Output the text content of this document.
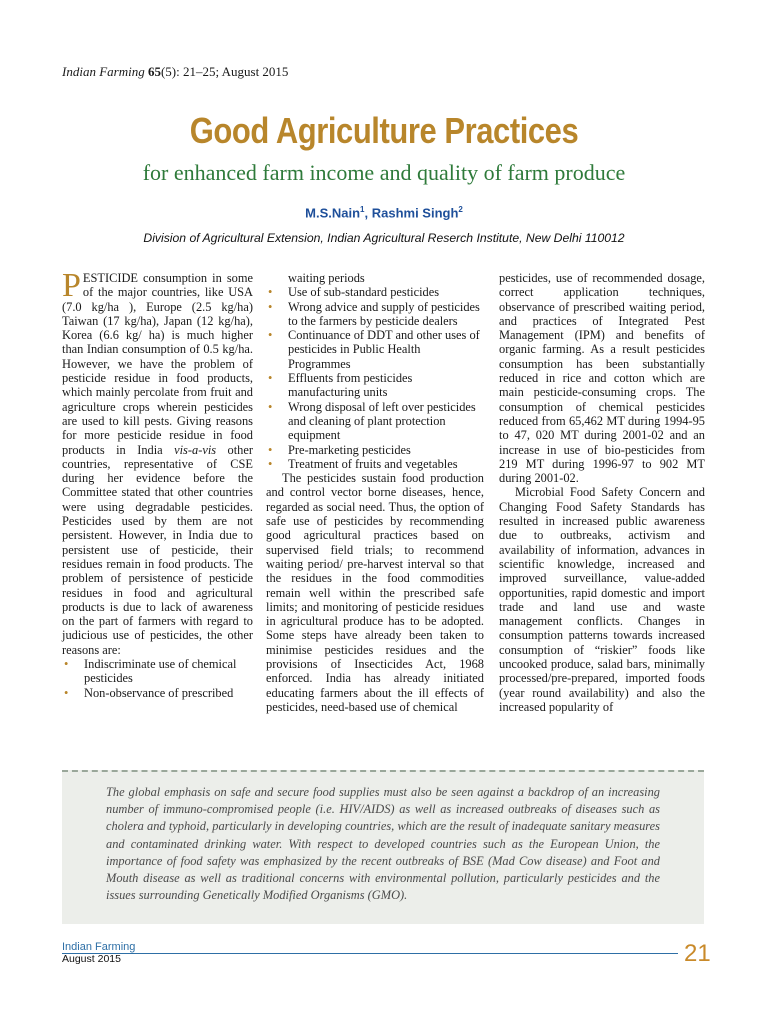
Indian Farming 65(5): 21–25; August 2015
Good Agriculture Practices
for enhanced farm income and quality of farm produce
M.S.Nain$^1$, Rashmi Singh$^2$
Division of Agricultural Extension, Indian Agricultural Reserch Institute, New Delhi 110012

PESTICIDE consumption in some of the major countries, like USA (7.0 kg/ha ), Europe (2.5 kg/ha) Taiwan (17 kg/ha), Japan (12 kg/ha), Korea (6.6 kg/ ha) is much higher than Indian consumption of 0.5 kg/ha. However, we have the problem of pesticide residue in food products, which mainly percolate from fruit and agriculture crops wherein pesticides are used to kill pests. Giving reasons for more pesticide residue in food products in India vis-a-vis other countries, representative of CSE during her evidence before the Committee stated that other countries were using degradable pesticides. Pesticides used by them are not persistent. However, in India due to persistent use of pesticide, their residues remain in food products. The problem of persistence of pesticide residues in food and agricultural products is due to lack of awareness on the part of farmers with regard to judicious use of pesticides, the other reasons are:

• Indiscriminate use of chemical pesticides
• Non-observance of prescribed
waiting periods
• Use of sub-standard pesticides
• Wrong advice and supply of pesticides to the farmers by pesticide dealers
• Continuance of DDT and other uses of pesticides in Public Health Programmes
• Effluents from pesticides manufacturing units
• Wrong disposal of left over pesticides and cleaning of plant protection equipment
• Pre-marketing pesticides
• Treatment of fruits and vegetables

The pesticides sustain food production and control vector borne diseases, hence, regarded as social need. Thus, the option of safe use of pesticides by recommending good agricultural practices based on supervised field trials; to recommend waiting period/ pre-harvest interval so that the residues in the food commodities remain well within the prescribed safe limits; and monitoring of pesticide residues in agricultural produce has to be adopted. Some steps have already been taken to minimise pesticides residues and the provisions of Insecticides Act, 1968 enforced. India has already initiated educating farmers about the ill effects of pesticides, need-based use of chemical

pesticides, use of recommended dosage, correct application techniques, observance of prescribed waiting period, and practices of Integrated Pest Management (IPM) and benefits of organic farming. As a result pesticides consumption has been substantially reduced in rice and cotton which are main pesticide-consuming crops. The consumption of chemical pesticides reduced from 65,462 MT during 1994-95 to 47, 020 MT during 2001-02 and an increase in use of bio-pesticides from 219 MT during 1996-97 to 902 MT during 2001-02.

Microbial Food Safety Concern and Changing Food Safety Standards has resulted in increased public awareness due to outbreaks, activism and availability of information, advances in scientific knowledge, increased and improved surveillance, value-added opportunities, rapid domestic and import trade and land use and waste management conflicts. Changes in consumption patterns towards increased consumption of “riskier” foods like uncooked produce, salad bars, minimally processed/pre-prepared, imported foods (year round availability) and also the increased popularity of

The global emphasis on safe and secure food supplies must also be seen against a backdrop of an increasing number of immuno-compromised people (i.e. HIV/AIDS) as well as increased outbreaks of diseases such as cholera and typhoid, particularly in developing countries, which are the result of inadequate sanitary measures and contaminated drinking water. With respect to developed countries such as the European Union, the importance of food safety was emphasized by the recent outbreaks of BSE (Mad Cow disease) and Foot and Mouth disease as well as traditional concerns with environmental pollution, particularly pesticides and the issues surrounding Genetically Modified Organisms (GMO).
Indian Farming
August 2015	21
